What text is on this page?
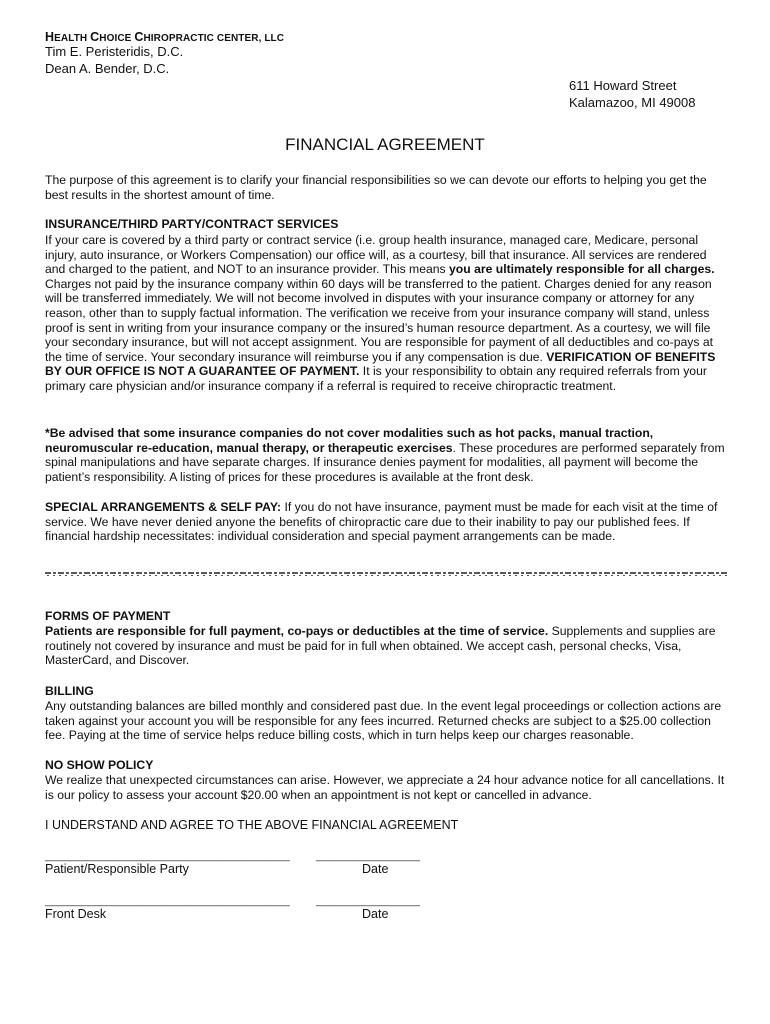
HEALTH CHOICE CHIROPRACTIC CENTER, LLC
Tim E. Peristeridis, D.C.
Dean A. Bender, D.C.
611 Howard Street
Kalamazoo, MI 49008
FINANCIAL AGREEMENT
The purpose of this agreement is to clarify your financial responsibilities so we can devote our efforts to helping you get the best results in the shortest amount of time.
INSURANCE/THIRD PARTY/CONTRACT SERVICES
If your care is covered by a third party or contract service (i.e. group health insurance, managed care, Medicare, personal injury, auto insurance, or Workers Compensation) our office will, as a courtesy, bill that insurance. All services are rendered and charged to the patient, and NOT to an insurance provider. This means you are ultimately responsible for all charges. Charges not paid by the insurance company within 60 days will be transferred to the patient. Charges denied for any reason will be transferred immediately. We will not become involved in disputes with your insurance company or attorney for any reason, other than to supply factual information. The verification we receive from your insurance company will stand, unless proof is sent in writing from your insurance company or the insured’s human resource department. As a courtesy, we will file your secondary insurance, but will not accept assignment. You are responsible for payment of all deductibles and co-pays at the time of service. Your secondary insurance will reimburse you if any compensation is due. VERIFICATION OF BENEFITS BY OUR OFFICE IS NOT A GUARANTEE OF PAYMENT. It is your responsibility to obtain any required referrals from your primary care physician and/or insurance company if a referral is required to receive chiropractic treatment.
*Be advised that some insurance companies do not cover modalities such as hot packs, manual traction, neuromuscular re-education, manual therapy, or therapeutic exercises. These procedures are performed separately from spinal manipulations and have separate charges. If insurance denies payment for modalities, all payment will become the patient’s responsibility. A listing of prices for these procedures is available at the front desk.
SPECIAL ARRANGEMENTS & SELF PAY: If you do not have insurance, payment must be made for each visit at the time of service. We have never denied anyone the benefits of chiropractic care due to their inability to pay our published fees. If financial hardship necessitates: individual consideration and special payment arrangements can be made.
FORMS OF PAYMENT
Patients are responsible for full payment, co-pays or deductibles at the time of service. Supplements and supplies are routinely not covered by insurance and must be paid for in full when obtained. We accept cash, personal checks, Visa, MasterCard, and Discover.
BILLING
Any outstanding balances are billed monthly and considered past due. In the event legal proceedings or collection actions are taken against your account you will be responsible for any fees incurred. Returned checks are subject to a $25.00 collection fee. Paying at the time of service helps reduce billing costs, which in turn helps keep our charges reasonable.
NO SHOW POLICY
We realize that unexpected circumstances can arise. However, we appreciate a 24 hour advance notice for all cancellations. It is our policy to assess your account $20.00 when an appointment is not kept or cancelled in advance.
I UNDERSTAND AND AGREE TO THE ABOVE FINANCIAL AGREEMENT
________________________________________ _________________
Patient/Responsible Party	Date
________________________________________ _________________
Front Desk	Date
